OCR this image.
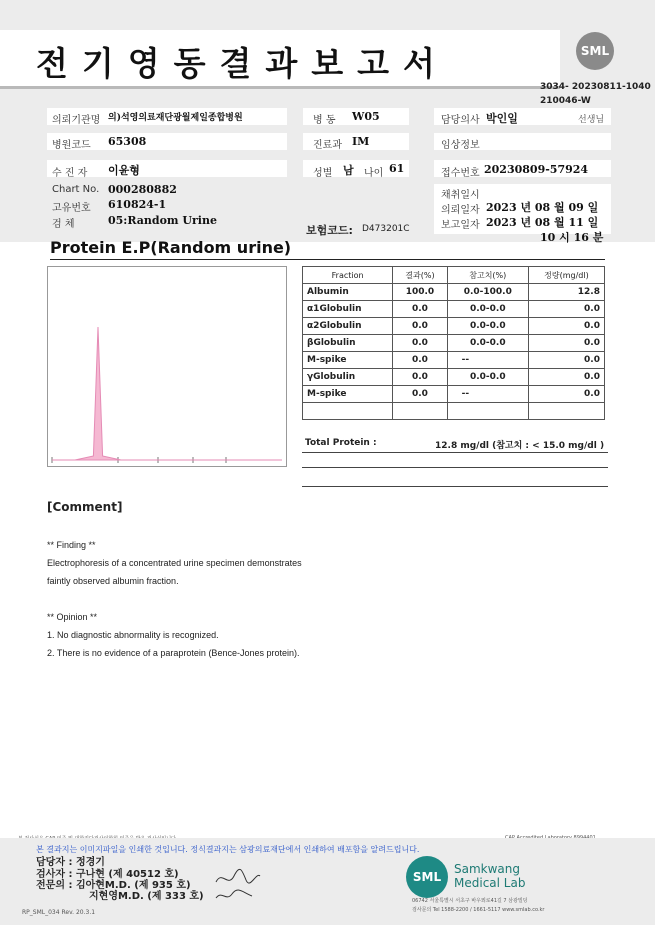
전기영동결과보고서	SML
3034- 20230811-1040
210046-W
의뢰기관명 의)석영의료재단광월제일종합병원	병 동 W05	담당의사 박인일	선생님
병원코드 65308	진료과 IM	임상정보
수 진 자 이윤형	성별 남 나이 61	접수번호 20230809-57924
Chart No. 000280882
고유번호 610824-1
검 체	05:Random Urine
채취일시
의뢰일자 2023 년 08 월 09 일
보고일자 2023 년 08 월 11 일
10 시 16 분
보험코드: D473201C
Protein E.P(Random urine)
Fraction	결과(%)	참고치(%)	정량(mg/dl)
Albumin	100.0	0.0-100.0	12.8
α1Globulin	0.0	0.0-0.0	0.0
α2Globulin	0.0	0.0-0.0	0.0
βGlobulin	0.0	0.0-0.0	0.0
M-spike	0.0	--	0.0
γGlobulin	0.0	0.0-0.0	0.0
M-spike	0.0	--	0.0

Total Protein :	12.8 mg/dl (참고치 : < 15.0 mg/dl )
[Comment]
** Finding **
Electrophoresis of a concentrated urine specimen demonstrates
faintly observed albumin fraction.
** Opinion **
1. No diagnostic abnormality is recognized.
2. There is no evidence of a paraprotein (Bence-Jones protein).
본 결과지는 이미지파일을 인쇄한 것입니다. 정식결과지는 삼광의료재단에서 인쇄하여 배포함을 알려드립니다.
담당자 : 정경기
검사자 : 구나현 (제 40512 호)
전문의 : 김아현M.D. (제 935 호)
지현영M.D. (제 333 호)
SML
Samkwang
Medical Lab
06742 서울특별시 서초구 바우뫼로41길 7 삼광빌딩
검사문의 Tel 1588-2200 / 1661-5117 www.smlab.co.kr
RP_SML_034 Rev. 20.3.1
